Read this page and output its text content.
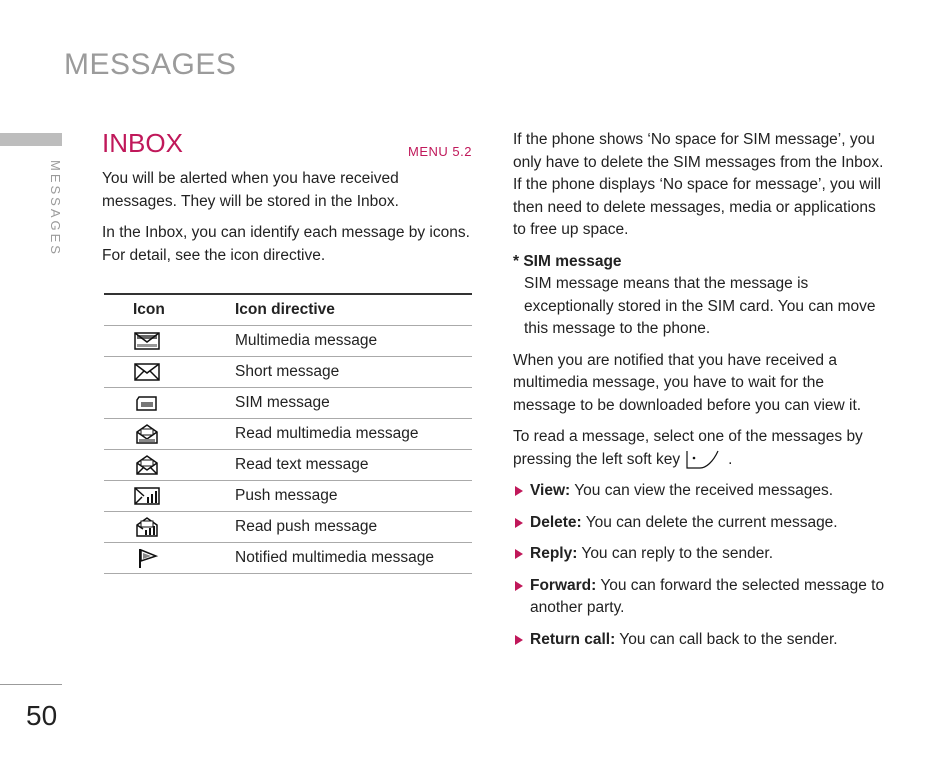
MESSAGES
MESSAGES
50
INBOX	MENU 5.2

You will be alerted when you have received messages. They will be stored in the Inbox.

In the Inbox, you can identify each message by icons. For detail, see the icon directive.

Icon	Icon directive

	Multimedia message

	Short message

	SIM message

	Read multimedia message

	Read text message

	Push message

	Read push message

	Notified multimedia message

If the phone shows ‘No space for SIM message’, you only have to delete the SIM messages from the Inbox. If the phone displays ‘No space for message’, you will then need to delete messages, media or applications to free up space.

* SIM message

SIM message means that the message is exceptionally stored in the SIM card. You can move this message to the phone.

When you are notified that you have received a multimedia message, you have to wait for the message to be downloaded before you can view it.

To read a message, select one of the messages by pressing the left soft key	.

View: You can view the received messages.
Delete: You can delete the current message.
Reply: You can reply to the sender.
Forward: You can forward the selected message to another party.
Return call: You can call back to the sender.
